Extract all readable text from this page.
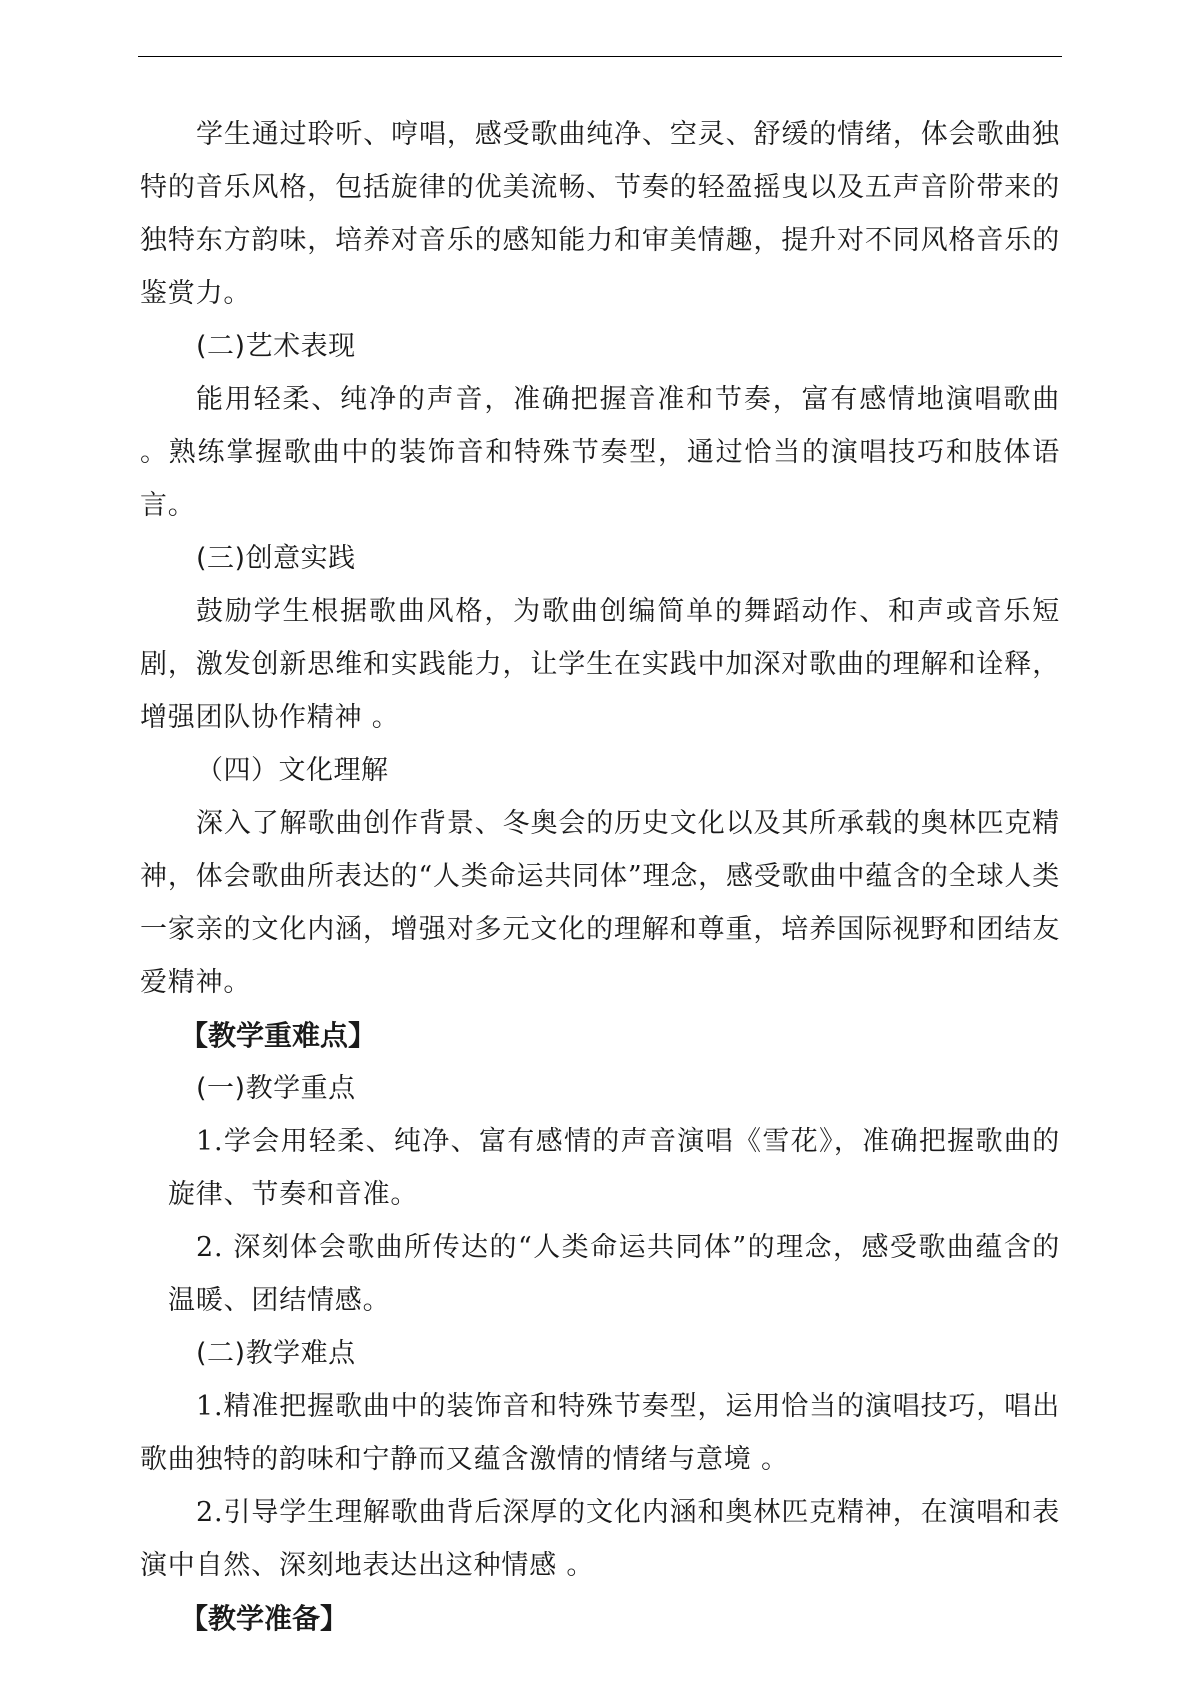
学生通过聆听、哼唱，感受歌曲纯净、空灵、舒缓的情绪，体会歌曲独特的音乐风格，包括旋律的优美流畅、节奏的轻盈摇曳以及五声音阶带来的独特东方韵味，培养对音乐的感知能力和审美情趣，提升对不同风格音乐的鉴赏力。

(二)艺术表现

能用轻柔、纯净的声音，准确把握音准和节奏，富有感情地演唱歌曲 。熟练掌握歌曲中的装饰音和特殊节奏型，通过恰当的演唱技巧和肢体语言。

(三)创意实践

鼓励学生根据歌曲风格，为歌曲创编简单的舞蹈动作、和声或音乐短剧，激发创新思维和实践能力，让学生在实践中加深对歌曲的理解和诠释，增强团队协作精神 。

（四）文化理解

深入了解歌曲创作背景、冬奥会的历史文化以及其所承载的奥林匹克精神，体会歌曲所表达的“人类命运共同体”理念，感受歌曲中蕴含的全球人类一家亲的文化内涵，增强对多元文化的理解和尊重，培养国际视野和团结友爱精神。

【教学重难点】

(一)教学重点

1.学会用轻柔、纯净、富有感情的声音演唱《雪花》，准确把握歌曲的旋律、节奏和音准。

2. 深刻体会歌曲所传达的“人类命运共同体”的理念，感受歌曲蕴含的温暖、团结情感。

(二)教学难点

1.精准把握歌曲中的装饰音和特殊节奏型，运用恰当的演唱技巧，唱出歌曲独特的韵味和宁静而又蕴含激情的情绪与意境 。

2.引导学生理解歌曲背后深厚的文化内涵和奥林匹克精神，在演唱和表演中自然、深刻地表达出这种情感 。

【教学准备】
